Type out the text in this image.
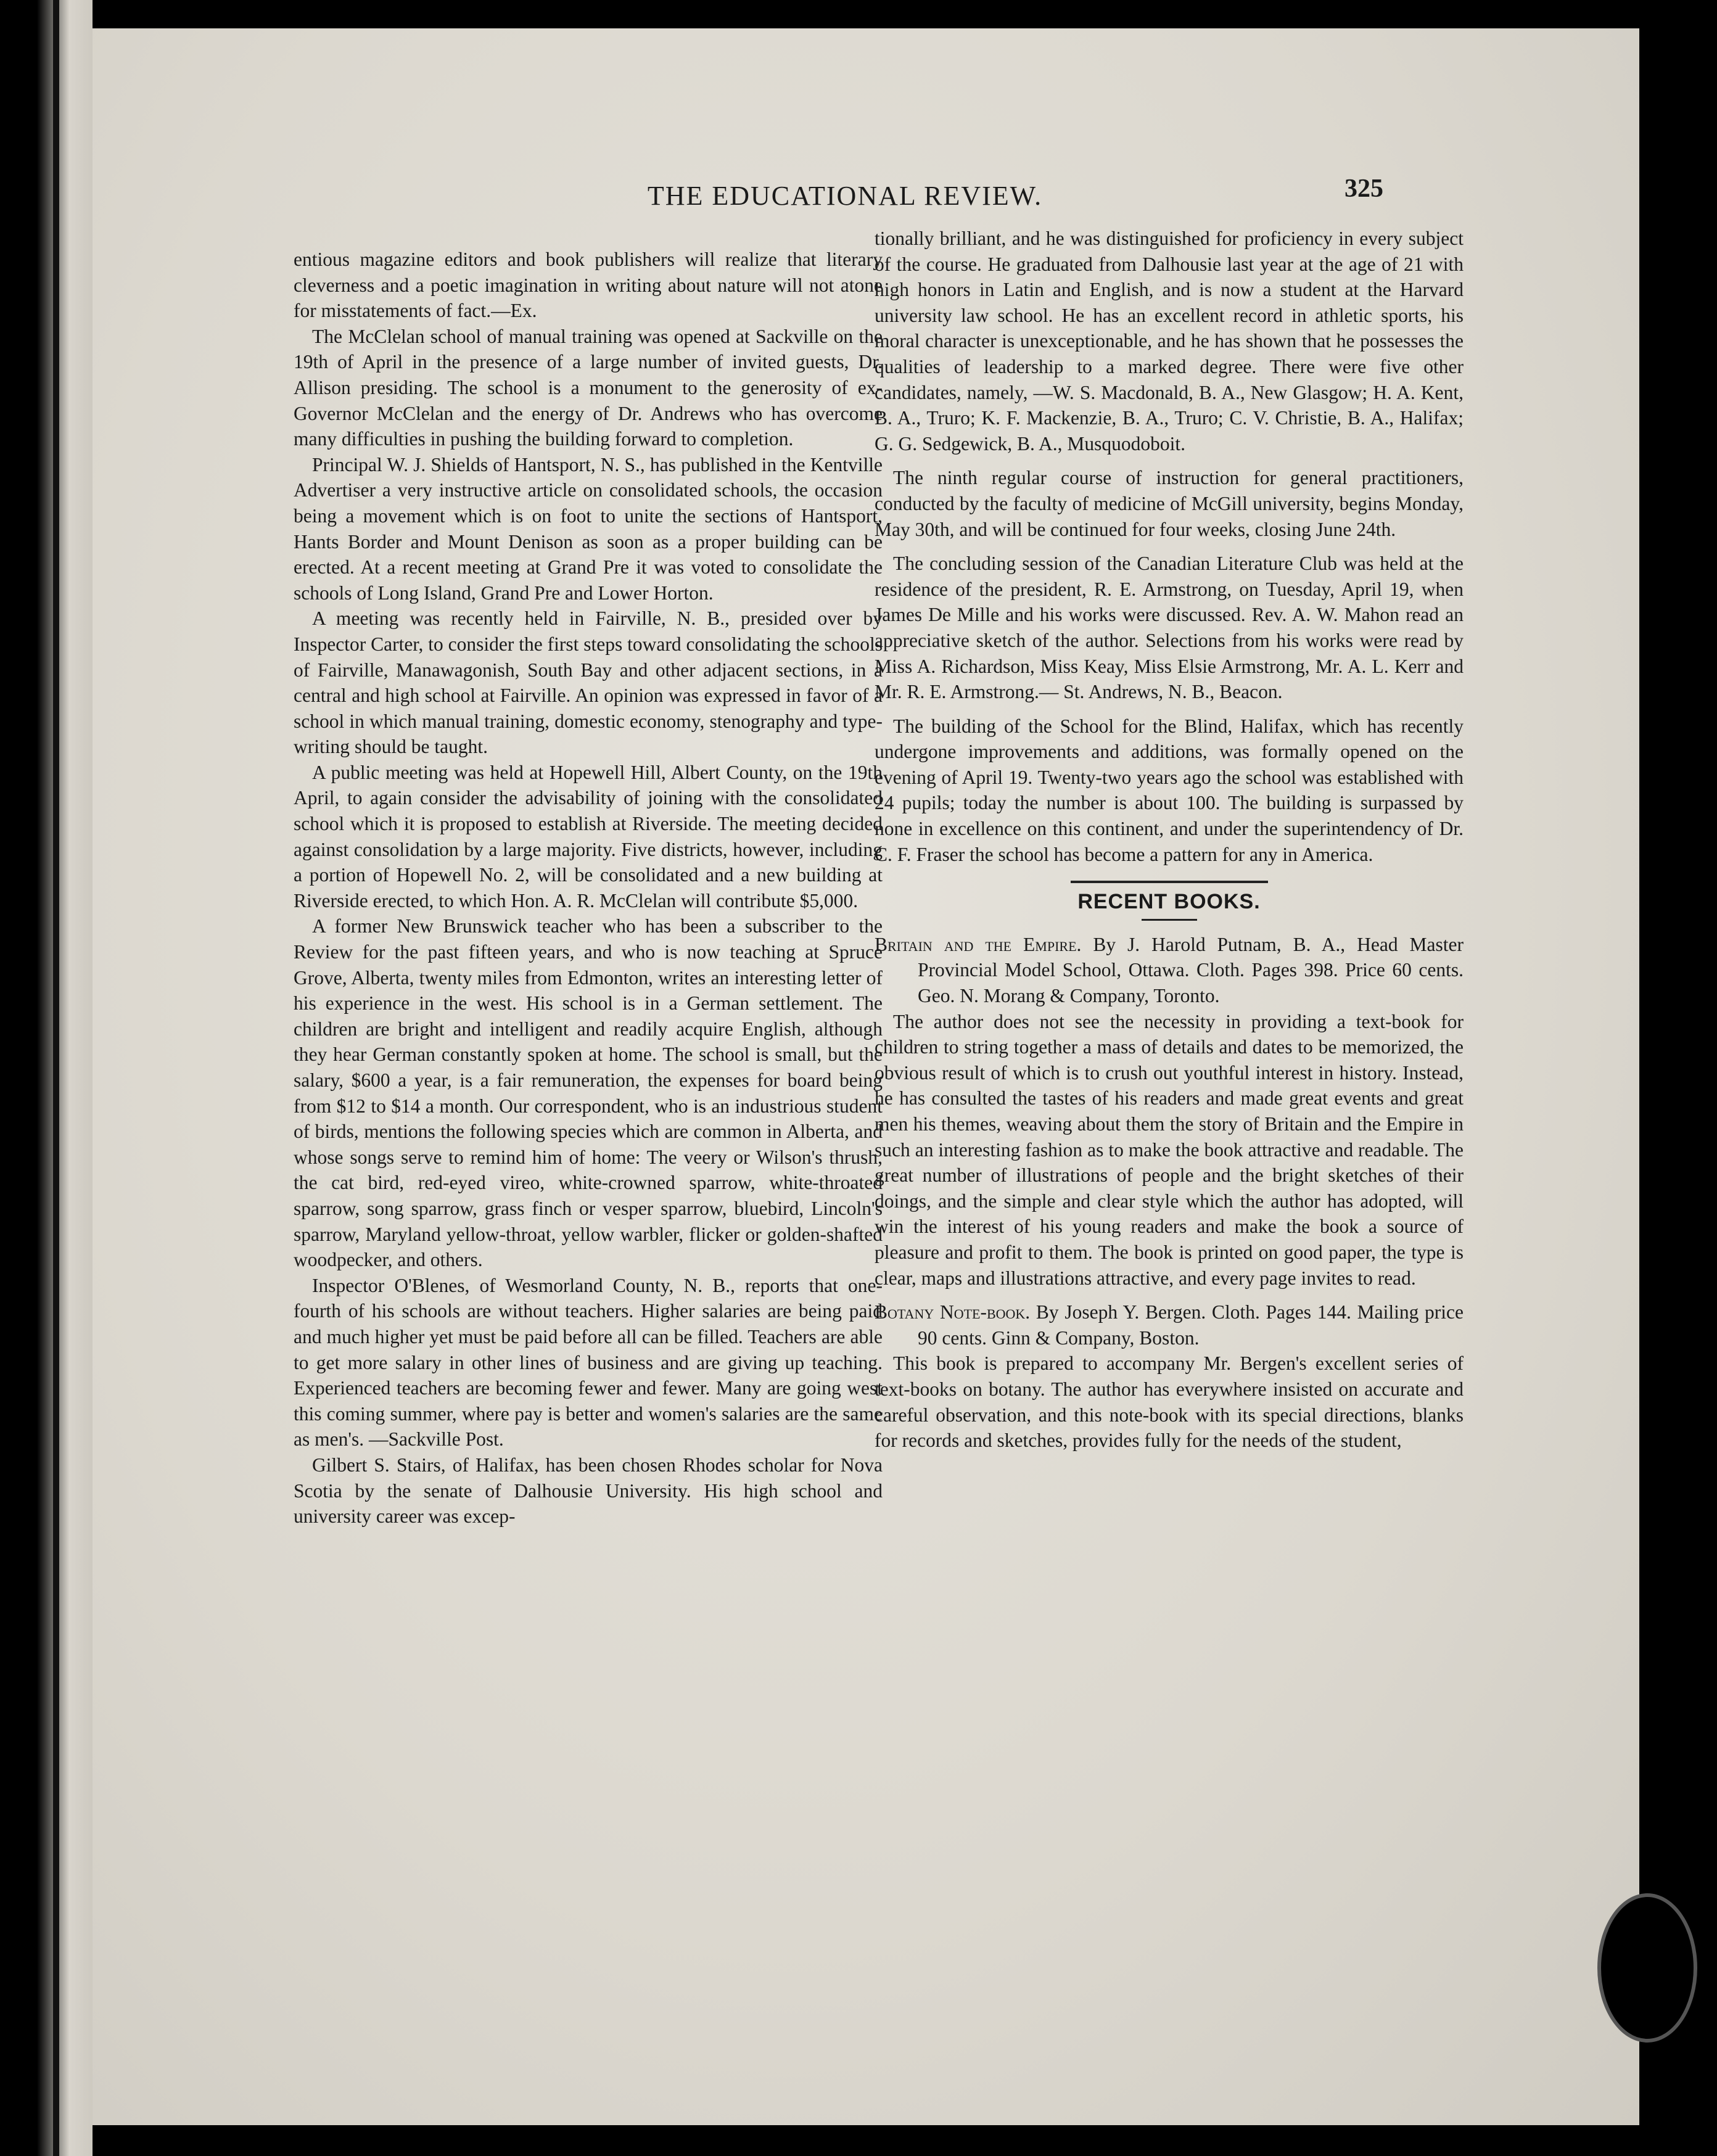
THE EDUCATIONAL REVIEW.	325

entious magazine editors and book publishers will realize that literary cleverness and a poetic imagination in writing about nature will not atone for misstatements of fact.—Ex.

The McClelan school of manual training was opened at Sackville on the 19th of April in the presence of a large number of invited guests, Dr. Allison presiding. The school is a monument to the generosity of ex-Governor McClelan and the energy of Dr. Andrews who has overcome many difficulties in pushing the building forward to completion.

Principal W. J. Shields of Hantsport, N. S., has published in the Kentville Advertiser a very instructive article on consolidated schools, the occasion being a movement which is on foot to unite the sections of Hantsport, Hants Border and Mount Denison as soon as a proper building can be erected. At a recent meeting at Grand Pre it was voted to consolidate the schools of Long Island, Grand Pre and Lower Horton.

A meeting was recently held in Fairville, N. B., presided over by Inspector Carter, to consider the first steps toward consolidating the schools of Fairville, Manawagonish, South Bay and other adjacent sections, in a central and high school at Fairville. An opinion was expressed in favor of a school in which manual training, domestic economy, stenography and type-writing should be taught.

A public meeting was held at Hopewell Hill, Albert County, on the 19th April, to again consider the advisability of joining with the consolidated school which it is proposed to establish at Riverside. The meeting decided against consolidation by a large majority. Five districts, however, including a portion of Hopewell No. 2, will be consolidated and a new building at Riverside erected, to which Hon. A. R. McClelan will contribute $5,000.

A former New Brunswick teacher who has been a subscriber to the Review for the past fifteen years, and who is now teaching at Spruce Grove, Alberta, twenty miles from Edmonton, writes an interesting letter of his experience in the west. His school is in a German settlement. The children are bright and intelligent and readily acquire English, although they hear German constantly spoken at home. The school is small, but the salary, $600 a year, is a fair remuneration, the expenses for board being from $12 to $14 a month. Our correspondent, who is an industrious student of birds, mentions the following species which are common in Alberta, and whose songs serve to remind him of home: The veery or Wilson's thrush, the cat bird, red-eyed vireo, white-crowned sparrow, white-throated sparrow, song sparrow, grass finch or vesper sparrow, bluebird, Lincoln's sparrow, Maryland yellow-throat, yellow warbler, flicker or golden-shafted woodpecker, and others.

Inspector O'Blenes, of Wesmorland County, N. B., reports that one-fourth of his schools are without teachers. Higher salaries are being paid and much higher yet must be paid before all can be filled. Teachers are able to get more salary in other lines of business and are giving up teaching. Experienced teachers are becoming fewer and fewer. Many are going west this coming summer, where pay is better and women's salaries are the same as men's. —Sackville Post.

Gilbert S. Stairs, of Halifax, has been chosen Rhodes scholar for Nova Scotia by the senate of Dalhousie University. His high school and university career was excep-

tionally brilliant, and he was distinguished for proficiency in every subject of the course. He graduated from Dalhousie last year at the age of 21 with high honors in Latin and English, and is now a student at the Harvard university law school. He has an excellent record in athletic sports, his moral character is unexceptionable, and he has shown that he possesses the qualities of leadership to a marked degree. There were five other candidates, namely, —W. S. Macdonald, B. A., New Glasgow; H. A. Kent, B. A., Truro; K. F. Mackenzie, B. A., Truro; C. V. Christie, B. A., Halifax; G. G. Sedgewick, B. A., Musquodoboit.

The ninth regular course of instruction for general practitioners, conducted by the faculty of medicine of McGill university, begins Monday, May 30th, and will be continued for four weeks, closing June 24th.

The concluding session of the Canadian Literature Club was held at the residence of the president, R. E. Armstrong, on Tuesday, April 19, when James De Mille and his works were discussed. Rev. A. W. Mahon read an appreciative sketch of the author. Selections from his works were read by Miss A. Richardson, Miss Keay, Miss Elsie Armstrong, Mr. A. L. Kerr and Mr. R. E. Armstrong.— St. Andrews, N. B., Beacon.

The building of the School for the Blind, Halifax, which has recently undergone improvements and additions, was formally opened on the evening of April 19. Twenty-two years ago the school was established with 24 pupils; today the number is about 100. The building is surpassed by none in excellence on this continent, and under the superintendency of Dr. C. F. Fraser the school has become a pattern for any in America.

RECENT BOOKS.

Britain and the Empire. By J. Harold Putnam, B. A., Head Master Provincial Model School, Ottawa. Cloth. Pages 398. Price 60 cents. Geo. N. Morang & Company, Toronto.

The author does not see the necessity in providing a text-book for children to string together a mass of details and dates to be memorized, the obvious result of which is to crush out youthful interest in history. Instead, he has consulted the tastes of his readers and made great events and great men his themes, weaving about them the story of Britain and the Empire in such an interesting fashion as to make the book attractive and readable. The great number of illustrations of people and the bright sketches of their doings, and the simple and clear style which the author has adopted, will win the interest of his young readers and make the book a source of pleasure and profit to them. The book is printed on good paper, the type is clear, maps and illustrations attractive, and every page invites to read.

Botany Note-book. By Joseph Y. Bergen. Cloth. Pages 144. Mailing price 90 cents. Ginn & Company, Boston.

This book is prepared to accompany Mr. Bergen's excellent series of text-books on botany. The author has everywhere insisted on accurate and careful observation, and this note-book with its special directions, blanks for records and sketches, provides fully for the needs of the student,
